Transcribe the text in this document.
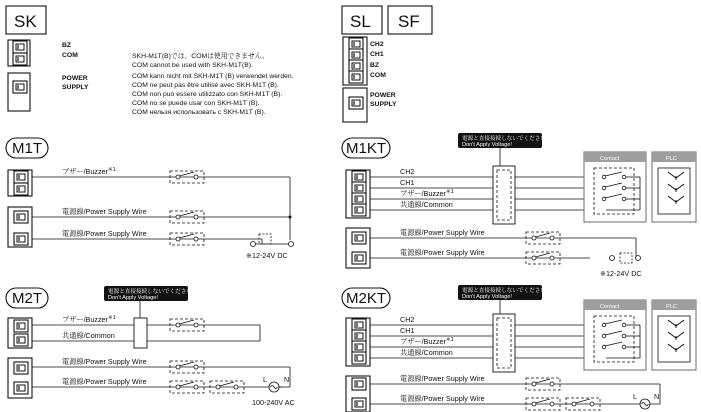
SK
BZ
COM
POWER
SUPPLY
SKH-M1T(B)では、COMは使用できません。
COM cannot be used with SKH-M1T(B).
COM kann nicht mit SKH-M1T (B) verwendet werden.
COM ne peut pas être utilisé avec SKH-M1T (B).
COM non può essere utilizzato con SKH-M1T (B).
COM no se puede usar con SKH-M1T (B).
COM нельзя использовать с SKH-M1T (B).
SL SF
CH2
CH1
BZ
COM
POWER
SUPPLY
M1T
ブザー/Buzzer$^{※1}$
電源線/Power Supply Wire
電源線/Power Supply Wire
※12-24V DC
M2T	電源と直接接続しないでください！
Don't Apply Voltage!
ブザー/Buzzer$^{※1}$
共通線/Common
電源線/Power Supply Wire
電源線/Power Supply Wire	L N
100-240V AC
M1KT
電源と直接接続しないでください！
Don't Apply Voltage!
CH2
CH1
ブザー/Buzzer$^{※1}$
共通線/Common
Contact	PLC
電源線/Power Supply Wire
電源線/Power Supply Wire
※12-24V DC
M2KT	電源と直接接続しないでください！
Don't Apply Voltage!
CH2
CH1
ブザー/Buzzer$^{※1}$
共通線/Common
Contact	PLC
電源線/Power Supply Wire
電源線/Power Supply Wire	L N
